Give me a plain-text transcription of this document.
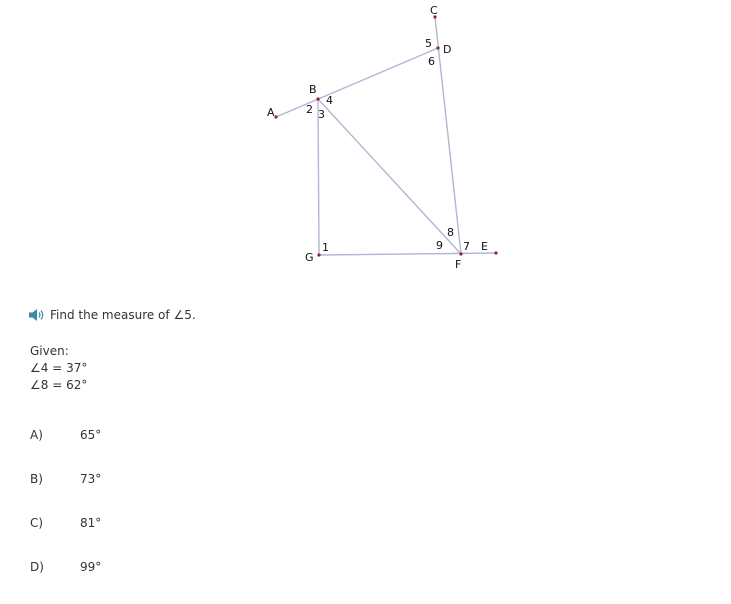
A
B
C
D
E
F
G
1
2 3
4
5
6
7
8
9
Find the measure of ∠5.
Given:
∠4 = 37°
∠8 = 62°
A)	65°
B)	73°
C)	81°
D)	99°
